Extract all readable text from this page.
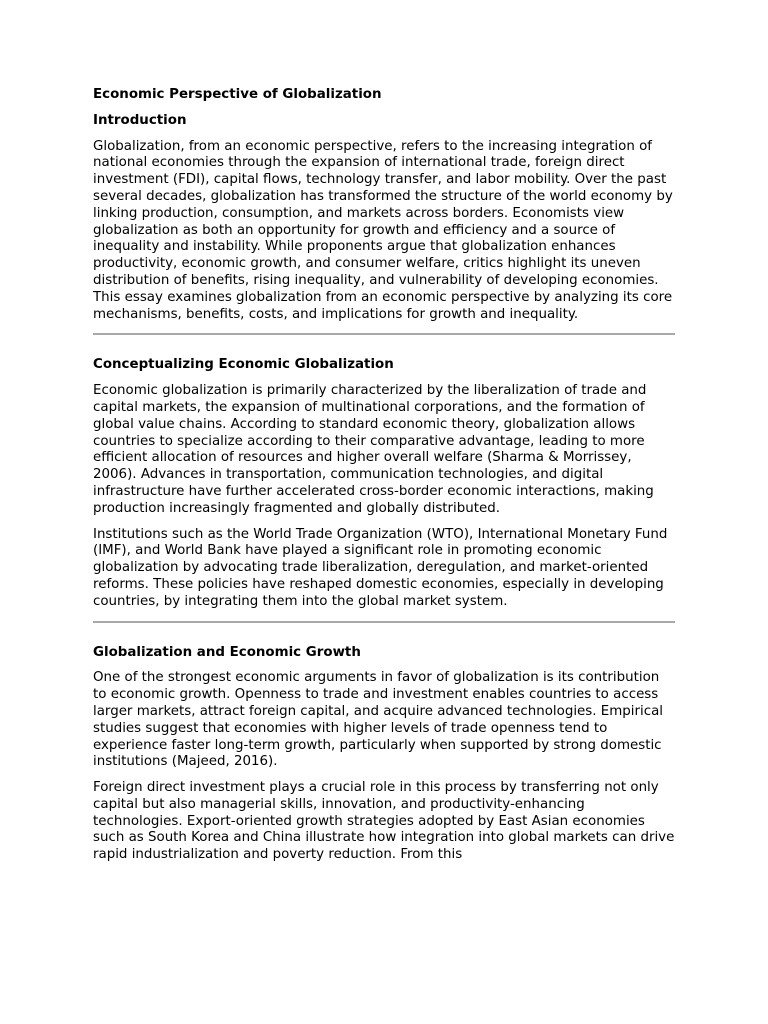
Economic Perspective of Globalization

Introduction

Globalization, from an economic perspective, refers to the increasing integration of national economies through the expansion of international trade, foreign direct investment (FDI), capital flows, technology transfer, and labor mobility. Over the past several decades, globalization has transformed the structure of the world economy by linking production, consumption, and markets across borders. Economists view globalization as both an opportunity for growth and efficiency and a source of inequality and instability. While proponents argue that globalization enhances productivity, economic growth, and consumer welfare, critics highlight its uneven distribution of benefits, rising inequality, and vulnerability of developing economies. This essay examines globalization from an economic perspective by analyzing its core mechanisms, benefits, costs, and implications for growth and inequality.

Conceptualizing Economic Globalization

Economic globalization is primarily characterized by the liberalization of trade and capital markets, the expansion of multinational corporations, and the formation of global value chains. According to standard economic theory, globalization allows countries to specialize according to their comparative advantage, leading to more efficient allocation of resources and higher overall welfare (Sharma & Morrissey, 2006). Advances in transportation, communication technologies, and digital infrastructure have further accelerated cross-border economic interactions, making production increasingly fragmented and globally distributed.

Institutions such as the World Trade Organization (WTO), International Monetary Fund (IMF), and World Bank have played a significant role in promoting economic globalization by advocating trade liberalization, deregulation, and market-oriented reforms. These policies have reshaped domestic economies, especially in developing countries, by integrating them into the global market system.

Globalization and Economic Growth

One of the strongest economic arguments in favor of globalization is its contribution to economic growth. Openness to trade and investment enables countries to access larger markets, attract foreign capital, and acquire advanced technologies. Empirical studies suggest that economies with higher levels of trade openness tend to experience faster long-term growth, particularly when supported by strong domestic institutions (Majeed, 2016).

Foreign direct investment plays a crucial role in this process by transferring not only capital but also managerial skills, innovation, and productivity-enhancing technologies. Export-oriented growth strategies adopted by East Asian economies such as South Korea and China illustrate how integration into global markets can drive rapid industrialization and poverty reduction. From this
